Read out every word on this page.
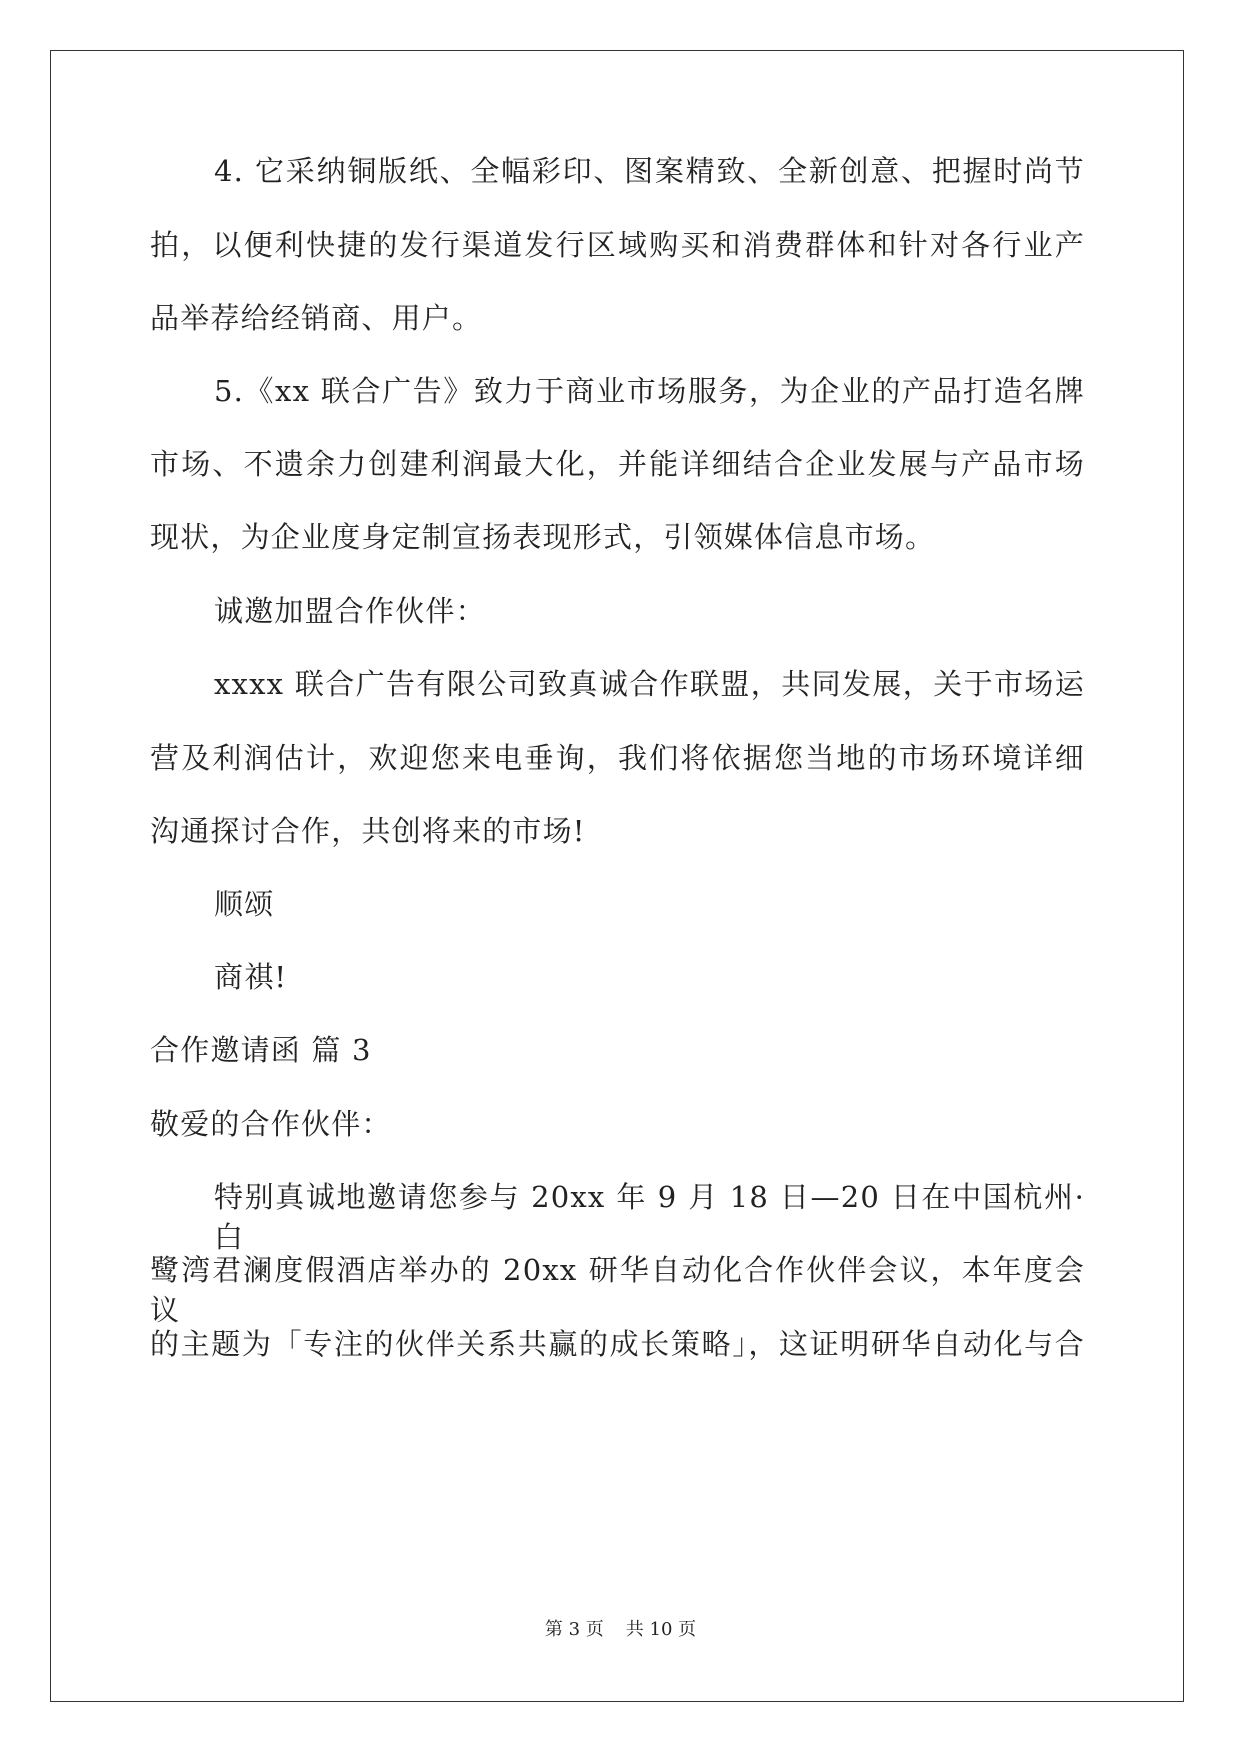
4. 它采纳铜版纸、全幅彩印、图案精致、全新创意、把握时尚节
拍，以便利快捷的发行渠道发行区域购买和消费群体和针对各行业产
品举荐给经销商、用户。
5.《xx 联合广告》致力于商业市场服务，为企业的产品打造名牌
市场、不遗余力创建利润最大化，并能详细结合企业发展与产品市场
现状，为企业度身定制宣扬表现形式，引领媒体信息市场。
诚邀加盟合作伙伴：
xxxx 联合广告有限公司致真诚合作联盟，共同发展，关于市场运
营及利润估计，欢迎您来电垂询，我们将依据您当地的市场环境详细
沟通探讨合作，共创将来的市场!
顺颂
商祺!
合作邀请函 篇 3
敬爱的合作伙伴：
特别真诚地邀请您参与 20xx 年 9 月 18 日—20 日在中国杭州·白
鹭湾君澜度假酒店举办的 20xx 研华自动化合作伙伴会议，本年度会议
的主题为「专注的伙伴关系共赢的成长策略」，这证明研华自动化与合
第 3 页 共 10 页
